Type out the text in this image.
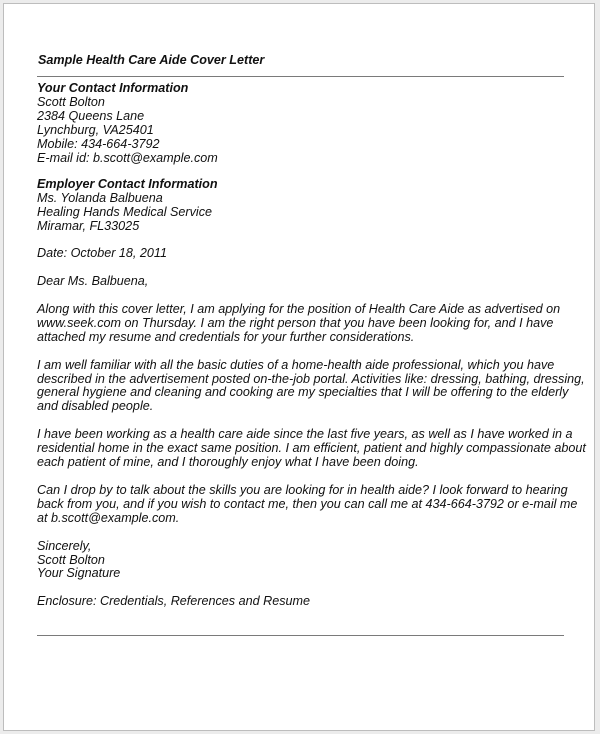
Sample Health Care Aide Cover Letter
Your Contact Information
Scott Bolton
2384 Queens Lane
Lynchburg, VA25401
Mobile: 434-664-3792
E-mail id: b.scott@example.com
Employer Contact Information
Ms. Yolanda Balbuena
Healing Hands Medical Service
Miramar, FL33025
Date: October 18, 2011
Dear Ms. Balbuena,
Along with this cover letter, I am applying for the position of Health Care Aide as advertised on
www.seek.com on Thursday. I am the right person that you have been looking for, and I have
attached my resume and credentials for your further considerations.
I am well familiar with all the basic duties of a home-health aide professional, which you have
described in the advertisement posted on-the-job portal. Activities like: dressing, bathing, dressing,
general hygiene and cleaning and cooking are my specialties that I will be offering to the elderly
and disabled people.
I have been working as a health care aide since the last five years, as well as I have worked in a
residential home in the exact same position. I am efficient, patient and highly compassionate about
each patient of mine, and I thoroughly enjoy what I have been doing.
Can I drop by to talk about the skills you are looking for in health aide? I look forward to hearing
back from you, and if you wish to contact me, then you can call me at 434-664-3792 or e-mail me
at b.scott@example.com.
Sincerely,
Scott Bolton
Your Signature
Enclosure: Credentials, References and Resume
